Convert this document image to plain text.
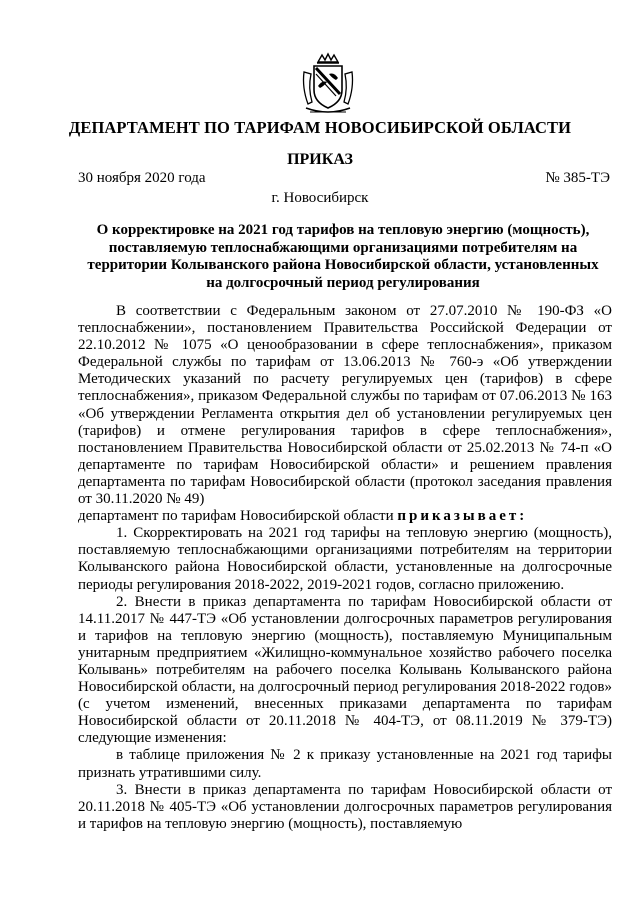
ДЕПАРТАМЕНТ ПО ТАРИФАМ НОВОСИБИРСКОЙ ОБЛАСТИ
ПРИКАЗ
30 ноября 2020 года	№ 385-ТЭ
г. Новосибирск
О корректировке на 2021 год тарифов на тепловую энергию (мощность), поставляемую теплоснабжающими организациями потребителям на территории Колыванского района Новосибирской области, установленных на долгосрочный период регулирования

В соответствии с Федеральным законом от 27.07.2010 № 190-ФЗ «О теплоснабжении», постановлением Правительства Российской Федерации от 22.10.2012 № 1075 «О ценообразовании в сфере теплоснабжения», приказом Федеральной службы по тарифам от 13.06.2013 № 760-э «Об утверждении Методических указаний по расчету регулируемых цен (тарифов) в сфере теплоснабжения», приказом Федеральной службы по тарифам от 07.06.2013 № 163 «Об утверждении Регламента открытия дел об установлении регулируемых цен (тарифов) и отмене регулирования тарифов в сфере теплоснабжения», постановлением Правительства Новосибирской области от 25.02.2013 № 74-п «О департаменте по тарифам Новосибирской области» и решением правления департамента по тарифам Новосибирской области (протокол заседания правления от 30.11.2020 № 49)

департамент по тарифам Новосибирской области приказывает:

1. Скорректировать на 2021 год тарифы на тепловую энергию (мощность), поставляемую теплоснабжающими организациями потребителям на территории Колыванского района Новосибирской области, установленные на долгосрочные периоды регулирования 2018-2022, 2019-2021 годов, согласно приложению.

2. Внести в приказ департамента по тарифам Новосибирской области от 14.11.2017 № 447-ТЭ «Об установлении долгосрочных параметров регулирования и тарифов на тепловую энергию (мощность), поставляемую Муниципальным унитарным предприятием «Жилищно-коммунальное хозяйство рабочего поселка Колывань» потребителям на рабочего поселка Колывань Колыванского района Новосибирской области, на долгосрочный период регулирования 2018-2022 годов» (с учетом изменений, внесенных приказами департамента по тарифам Новосибирской области от 20.11.2018 № 404-ТЭ, от 08.11.2019 № 379-ТЭ) следующие изменения:

в таблице приложения № 2 к приказу установленные на 2021 год тарифы признать утратившими силу.

3. Внести в приказ департамента по тарифам Новосибирской области от 20.11.2018 № 405-ТЭ «Об установлении долгосрочных параметров регулирования и тарифов на тепловую энергию (мощность), поставляемую
